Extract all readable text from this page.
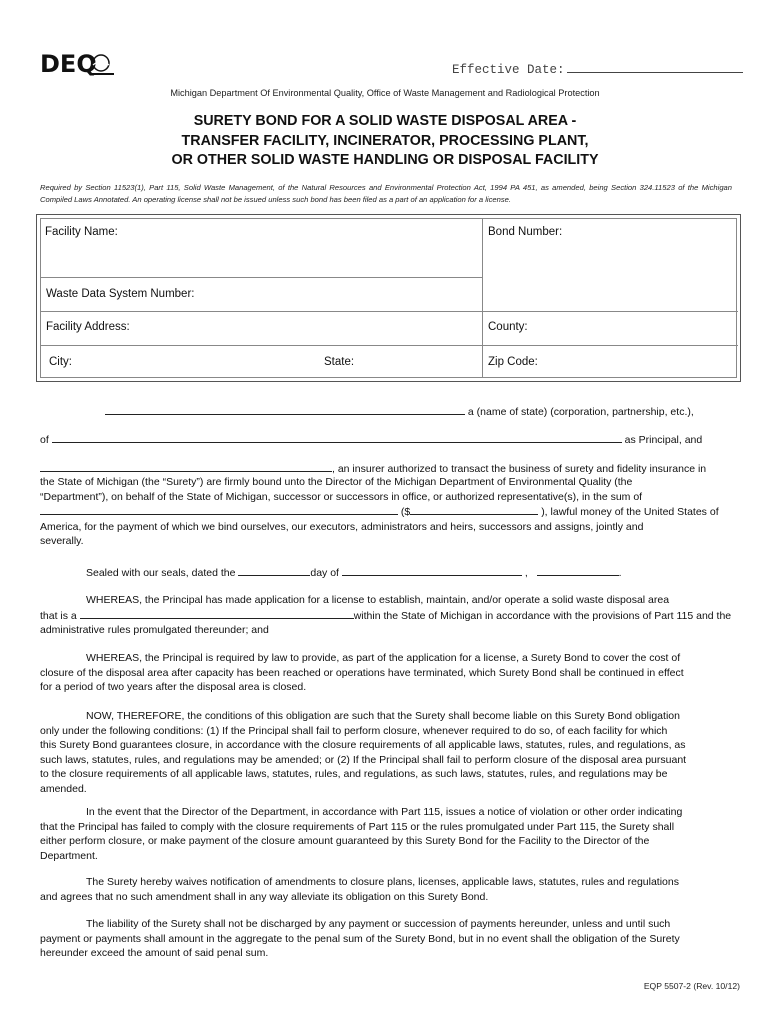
DEQ	Effective Date:
Michigan Department Of Environmental Quality, Office of Waste Management and Radiological Protection
SURETY BOND FOR A SOLID WASTE DISPOSAL AREA -
TRANSFER FACILITY, INCINERATOR, PROCESSING PLANT,
OR OTHER SOLID WASTE HANDLING OR DISPOSAL FACILITY
Required by Section 11523(1), Part 115, Solid Waste Management, of the Natural Resources and Environmental Protection Act, 1994 PA 451, as amended, being Section 324.11523 of the Michigan Compiled Laws Annotated. An operating license shall not be issued unless such bond has been filed as a part of an application for a license.
Facility Name:	Bond Number:
Waste Data System Number:
Facility Address:	County:
City:	State:	Zip Code:
a (name of state) (corporation, partnership, etc.),
of	as Principal, and
, an insurer authorized to transact the business of surety and fidelity insurance in

the State of Michigan (the “Surety”) are firmly bound unto the Director of the Michigan Department of Environmental Quality (the

“Department”), on behalf of the State of Michigan, successor or successors in office, or authorized representative(s), in the sum of

($	), lawful money of the United States of

America, for the payment of which we bind ourselves, our executors, administrators and heirs, successors and assigns, jointly and

severally.

Sealed with our seals, dated the	day of	,	.

WHEREAS, the Principal has made application for a license to establish, maintain, and/or operate a solid waste disposal area

that is a	within the State of Michigan in accordance with the provisions of Part 115 and the

administrative rules promulgated thereunder; and

WHEREAS, the Principal is required by law to provide, as part of the application for a license, a Surety Bond to cover the cost of

closure of the disposal area after capacity has been reached or operations have terminated, which Surety Bond shall be continued in effect

for a period of two years after the disposal area is closed.

NOW, THEREFORE, the conditions of this obligation are such that the Surety shall become liable on this Surety Bond obligation

only under the following conditions: (1) If the Principal shall fail to perform closure, whenever required to do so, of each facility for which

this Surety Bond guarantees closure, in accordance with the closure requirements of all applicable laws, statutes, rules, and regulations, as

such laws, statutes, rules, and regulations may be amended; or (2) If the Principal shall fail to perform closure of the disposal area pursuant

to the closure requirements of all applicable laws, statutes, rules, and regulations, as such laws, statutes, rules, and regulations may be

amended.

In the event that the Director of the Department, in accordance with Part 115, issues a notice of violation or other order indicating

that the Principal has failed to comply with the closure requirements of Part 115 or the rules promulgated under Part 115, the Surety shall

either perform closure, or make payment of the closure amount guaranteed by this Surety Bond for the Facility to the Director of the

Department.

The Surety hereby waives notification of amendments to closure plans, licenses, applicable laws, statutes, rules and regulations

and agrees that no such amendment shall in any way alleviate its obligation on this Surety Bond.

The liability of the Surety shall not be discharged by any payment or succession of payments hereunder, unless and until such

payment or payments shall amount in the aggregate to the penal sum of the Surety Bond, but in no event shall the obligation of the Surety

hereunder exceed the amount of said penal sum.

EQP 5507-2 (Rev. 10/12)
